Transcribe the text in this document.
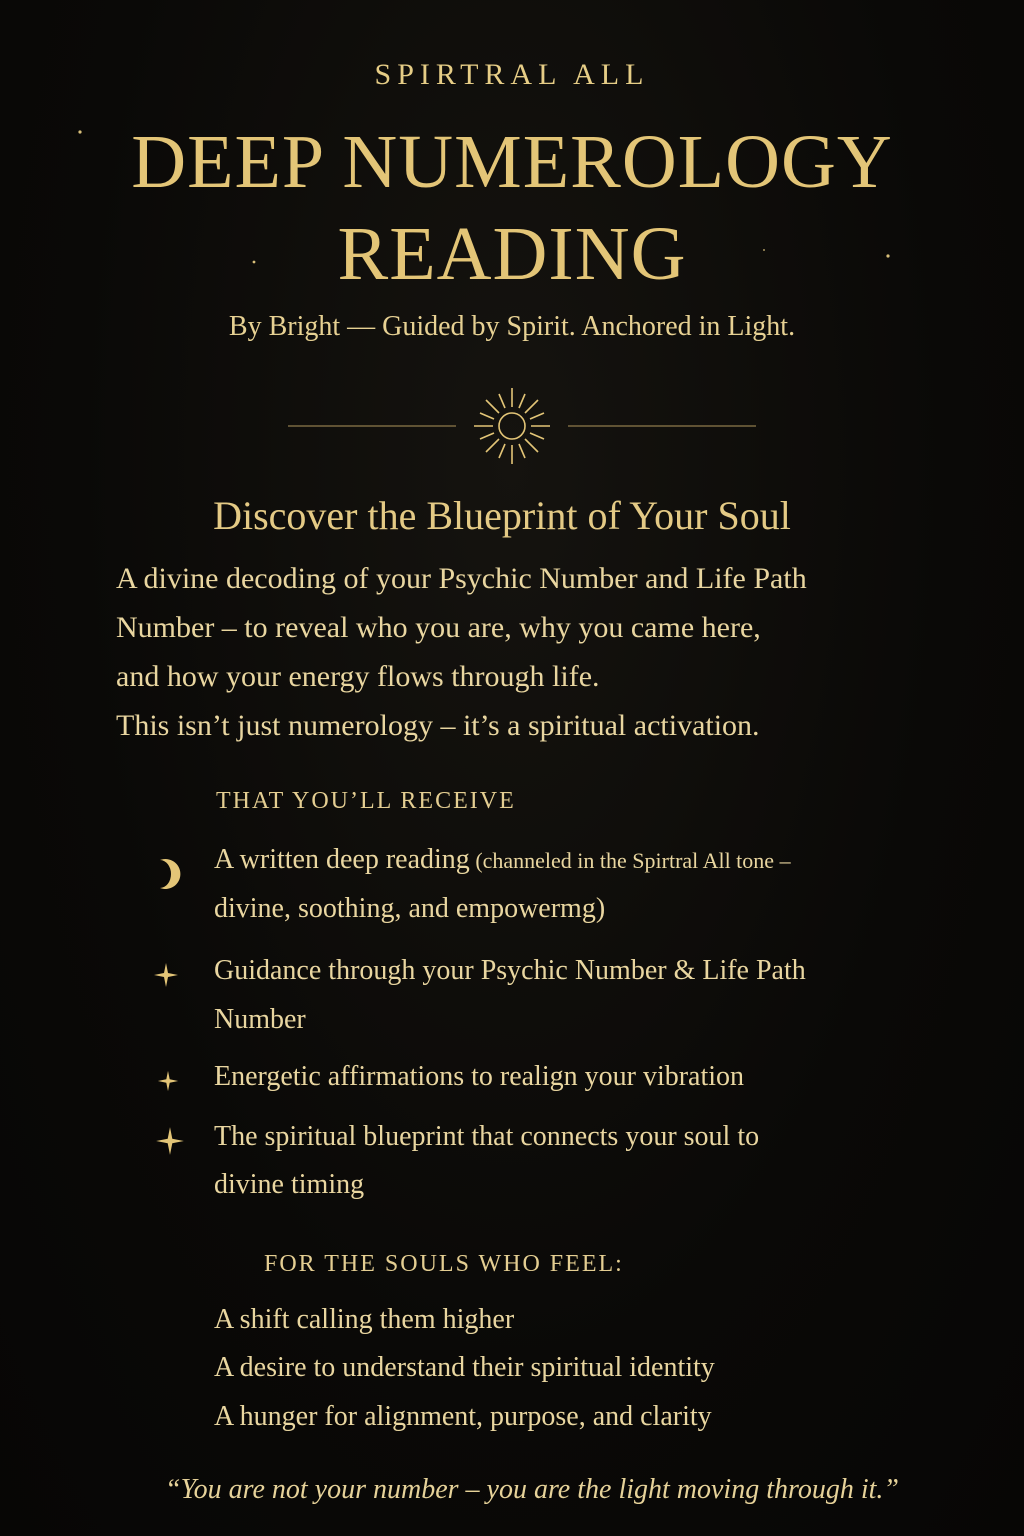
SPIRTRAL ALL
DEEP NUMEROLOGY
READING
By Bright — Guided by Spirit. Anchored in Light.
Discover the Blueprint of Your Soul
A divine decoding of your Psychic Number and Life Path
Number – to reveal who you are, why you came here,
and how your energy flows through life.
This isn’t just numerology – it’s a spiritual activation.
THAT YOU’LL RECEIVE
A written deep reading (channeled in the Spirtral All tone –
divine, soothing, and empowermg)
Guidance through your Psychic Number & Life Path
Number
Energetic affirmations to realign your vibration
The spiritual blueprint that connects your soul to
divine timing
FOR THE SOULS WHO FEEL:
A shift calling them higher
A desire to understand their spiritual identity
A hunger for alignment, purpose, and clarity
“You are not your number – you are the light moving through it.”
